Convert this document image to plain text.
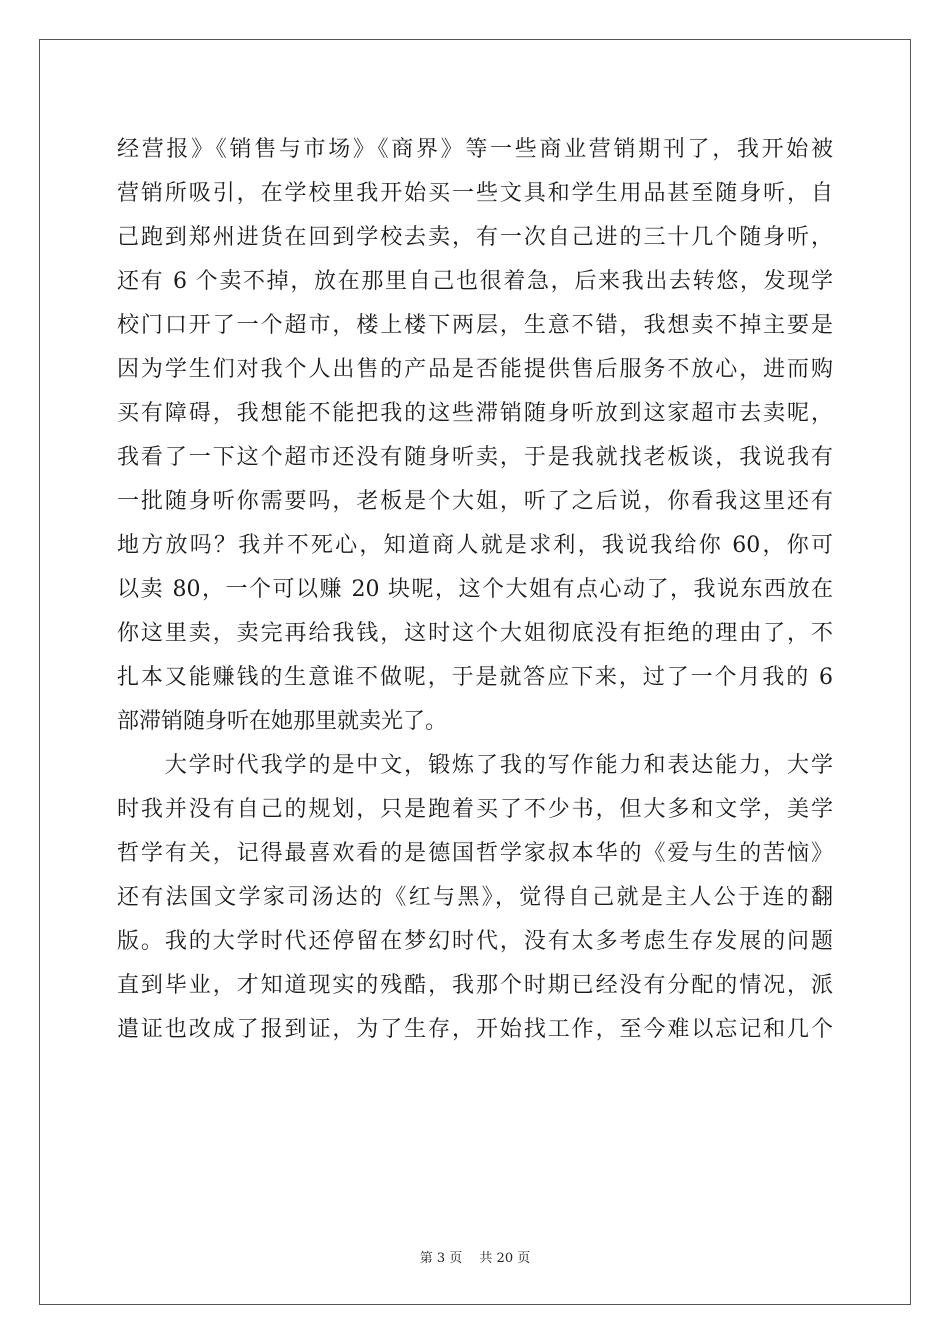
经营报》《销售与市场》《商界》等一些商业营销期刊了，我开始被
营销所吸引，在学校里我开始买一些文具和学生用品甚至随身听，自
己跑到郑州进货在回到学校去卖，有一次自己进的三十几个随身听，
还有 6 个卖不掉，放在那里自己也很着急，后来我出去转悠，发现学
校门口开了一个超市，楼上楼下两层，生意不错，我想卖不掉主要是
因为学生们对我个人出售的产品是否能提供售后服务不放心，进而购
买有障碍，我想能不能把我的这些滞销随身听放到这家超市去卖呢，
我看了一下这个超市还没有随身听卖，于是我就找老板谈，我说我有
一批随身听你需要吗，老板是个大姐，听了之后说，你看我这里还有
地方放吗？我并不死心，知道商人就是求利，我说我给你 60，你可
以卖 80，一个可以赚 20 块呢，这个大姐有点心动了，我说东西放在
你这里卖，卖完再给我钱，这时这个大姐彻底没有拒绝的理由了，不
扎本又能赚钱的生意谁不做呢，于是就答应下来，过了一个月我的 6
部滞销随身听在她那里就卖光了。
　　大学时代我学的是中文，锻炼了我的写作能力和表达能力，大学
时我并没有自己的规划，只是跑着买了不少书，但大多和文学，美学
哲学有关，记得最喜欢看的是德国哲学家叔本华的《爱与生的苦恼》
还有法国文学家司汤达的《红与黑》，觉得自己就是主人公于连的翻
版。我的大学时代还停留在梦幻时代，没有太多考虑生存发展的问题
直到毕业，才知道现实的残酷，我那个时期已经没有分配的情况，派
遣证也改成了报到证，为了生存，开始找工作，至今难以忘记和几个
第 3 页　 共 20 页
